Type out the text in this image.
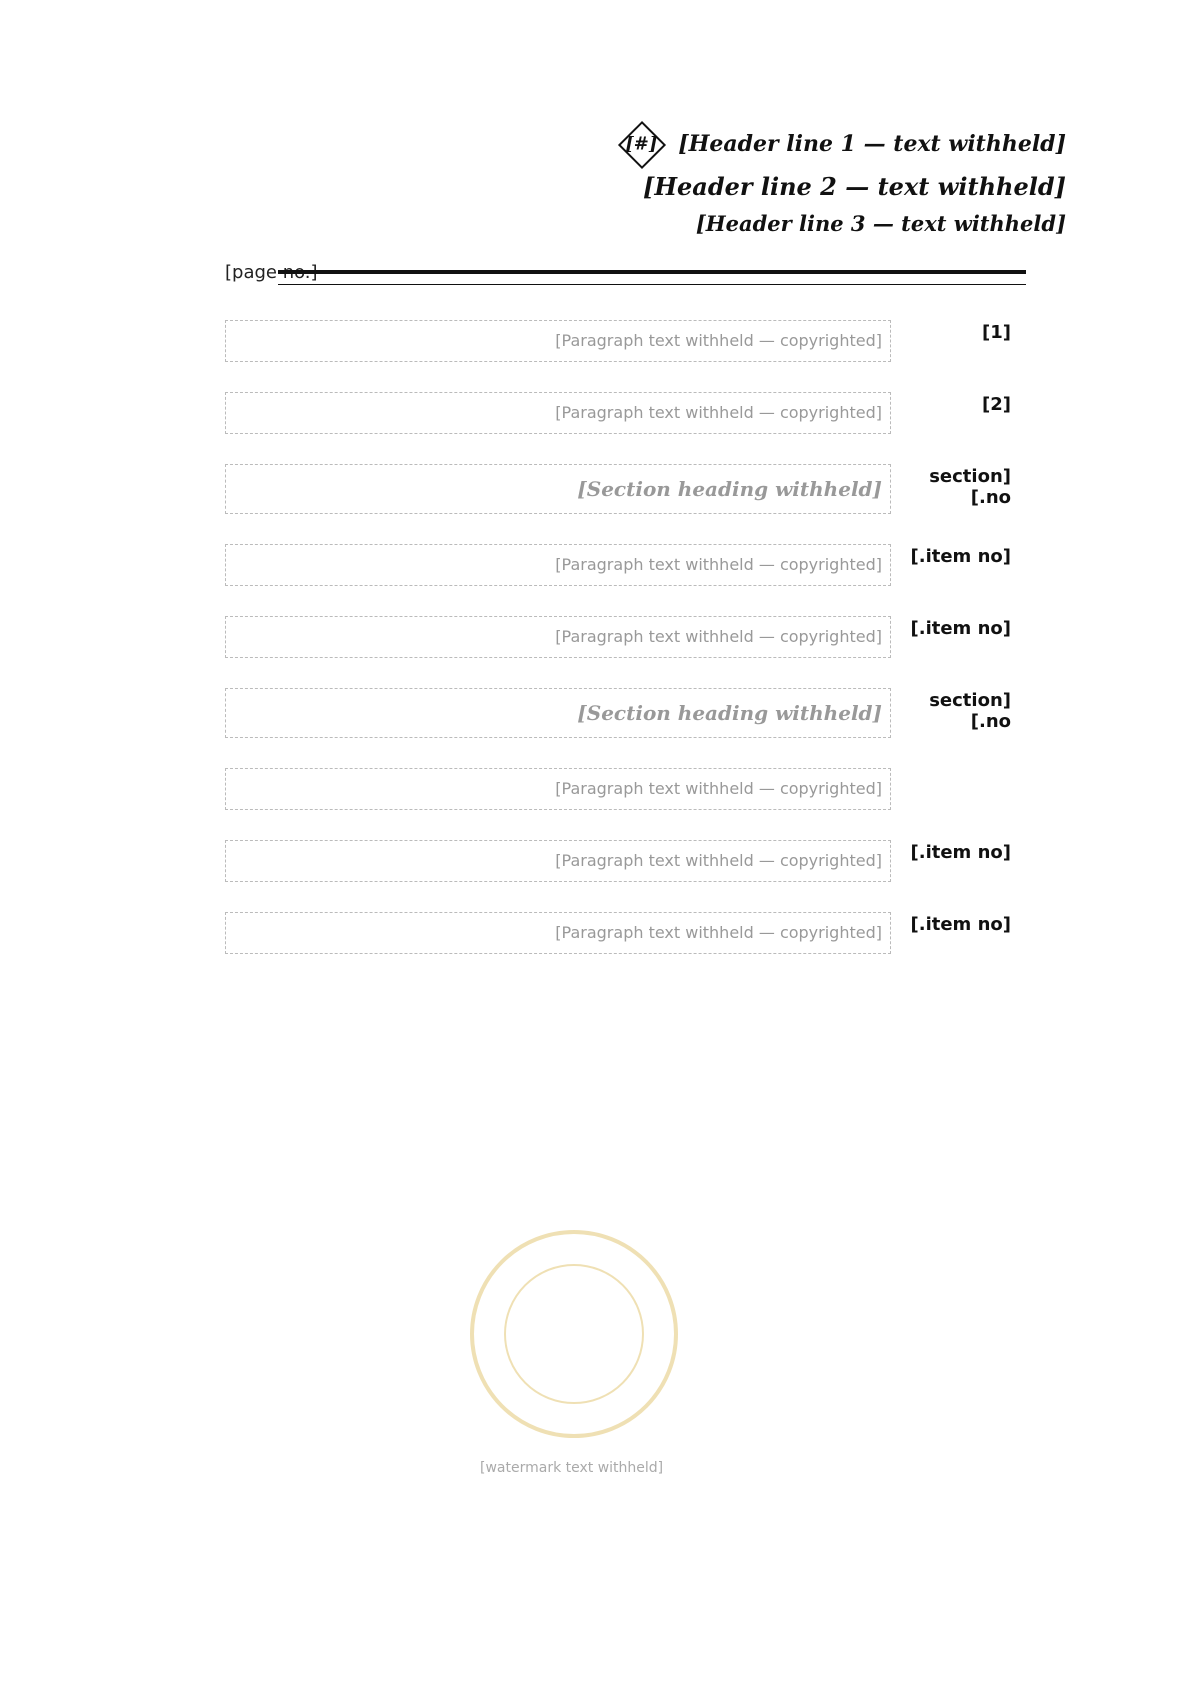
[Header line 1 — text withheld] [#]
[Header line 2 — text withheld]
[Header line 3 — text withheld]
[page no.]
[1]
[Paragraph text withheld — copyrighted]
[2]
[Paragraph text withheld — copyrighted]
[section no.]
[Section heading withheld]
[item no.]
[Paragraph text withheld — copyrighted]
[item no.]
[Paragraph text withheld — copyrighted]
[section no.]
[Section heading withheld]
[Paragraph text withheld — copyrighted]
[item no.]
[Paragraph text withheld — copyrighted]
[item no.]
[Paragraph text withheld — copyrighted]
[watermark text withheld]
